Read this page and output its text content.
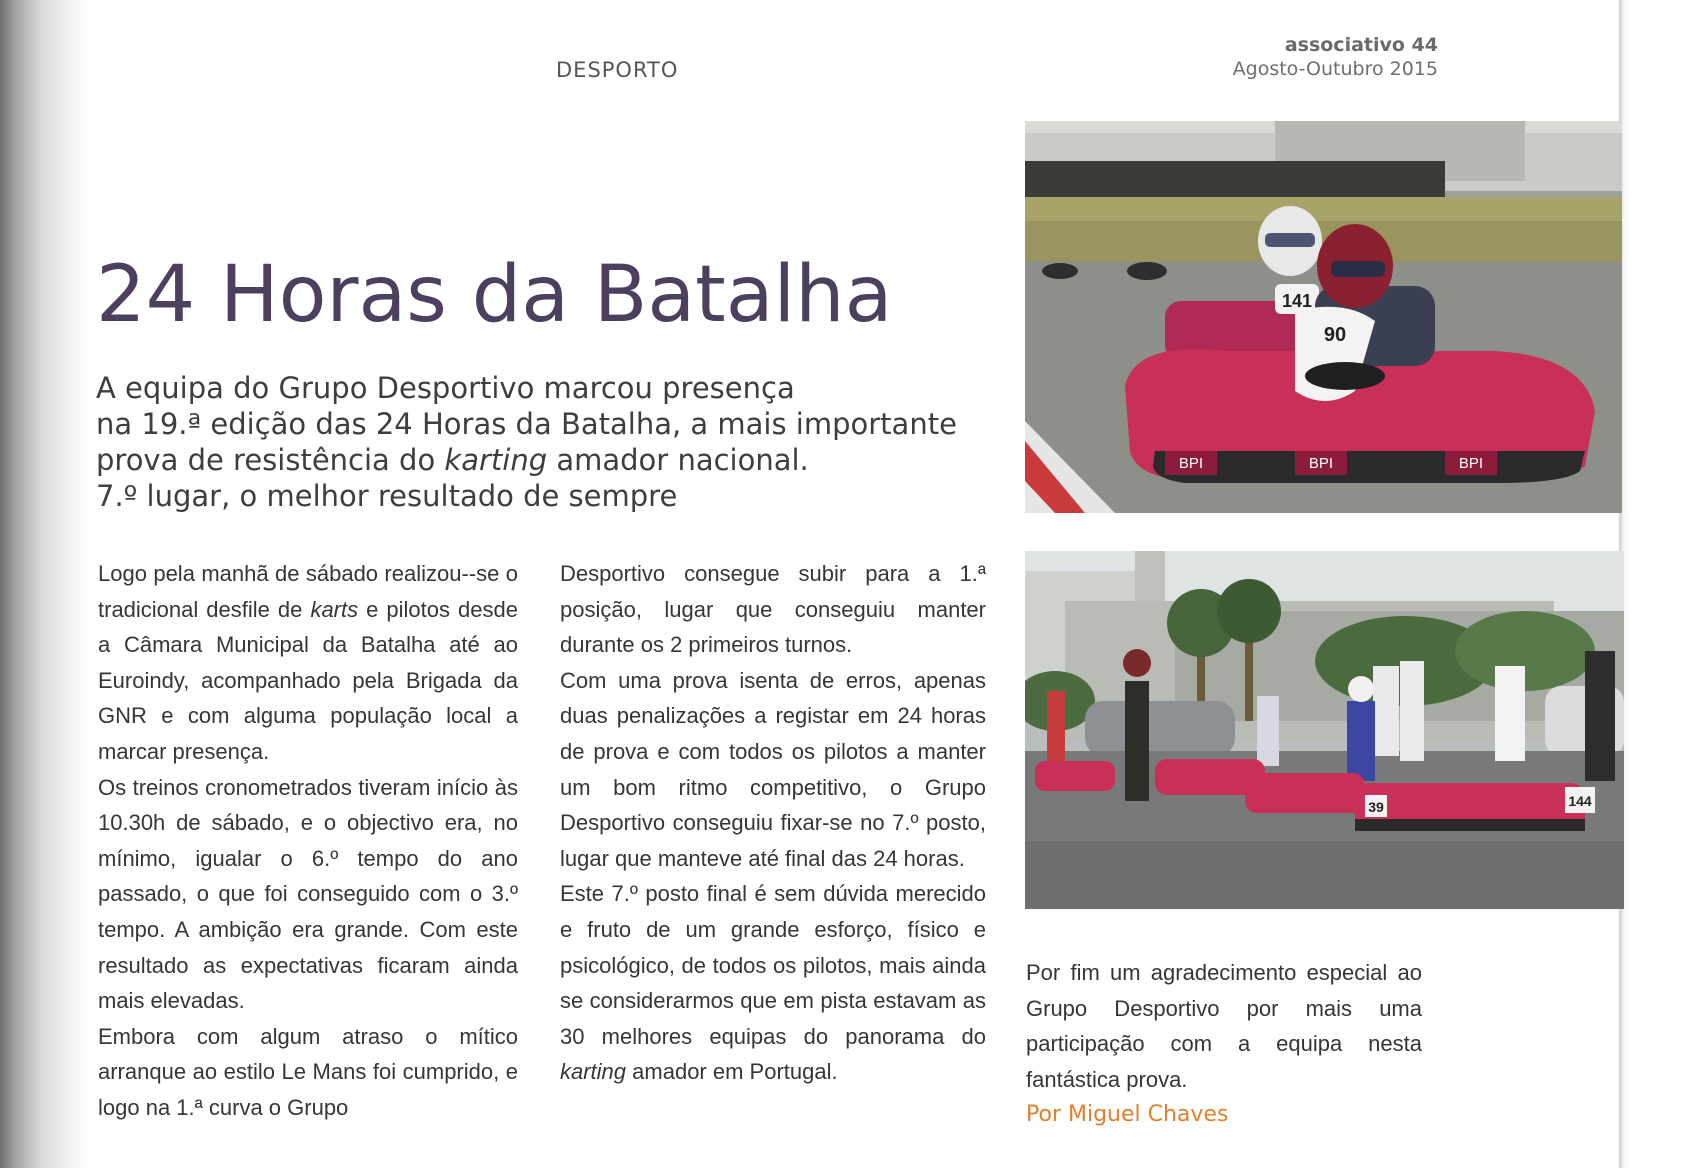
DESPORTO
associativo 44
Agosto-Outubro 2015
24 Horas da Batalha
A equipa do Grupo Desportivo marcou presença
na 19.ª edição das 24 Horas da Batalha, a mais importante
prova de resistência do karting amador nacional.
7.º lugar, o melhor resultado de sempre

Logo pela manhã de sábado realizou--se o tradicional desfile de karts e pilotos desde a Câmara Municipal da Batalha até ao Euroindy, acompanhado pela Brigada da GNR e com alguma população local a marcar presença.

Os treinos cronometrados tiveram início às 10.30h de sábado, e o objectivo era, no mínimo, igualar o 6.º tempo do ano passado, o que foi conseguido com o 3.º tempo. A ambição era grande. Com este resultado as expectativas ficaram ainda mais elevadas.

Embora com algum atraso o mítico arranque ao estilo Le Mans foi cumprido, e logo na 1.ª curva o Grupo

Desportivo consegue subir para a 1.ª posição, lugar que conseguiu manter durante os 2 primeiros turnos.

Com uma prova isenta de erros, apenas duas penalizações a registar em 24 horas de prova e com todos os pilotos a manter um bom ritmo competitivo, o Grupo Desportivo conseguiu fixar-se no 7.º posto, lugar que manteve até final das 24 horas.

Este 7.º posto final é sem dúvida merecido e fruto de um grande esforço, físico e psicológico, de todos os pilotos, mais ainda se considerarmos que em pista estavam as 30 melhores equipas do panorama do karting amador em Portugal.

Por fim um agradecimento especial ao Grupo Desportivo por mais uma participação com a equipa nesta fantástica prova.

Por Miguel Chaves
141
90
BPI	BPI	BPI
39	144
